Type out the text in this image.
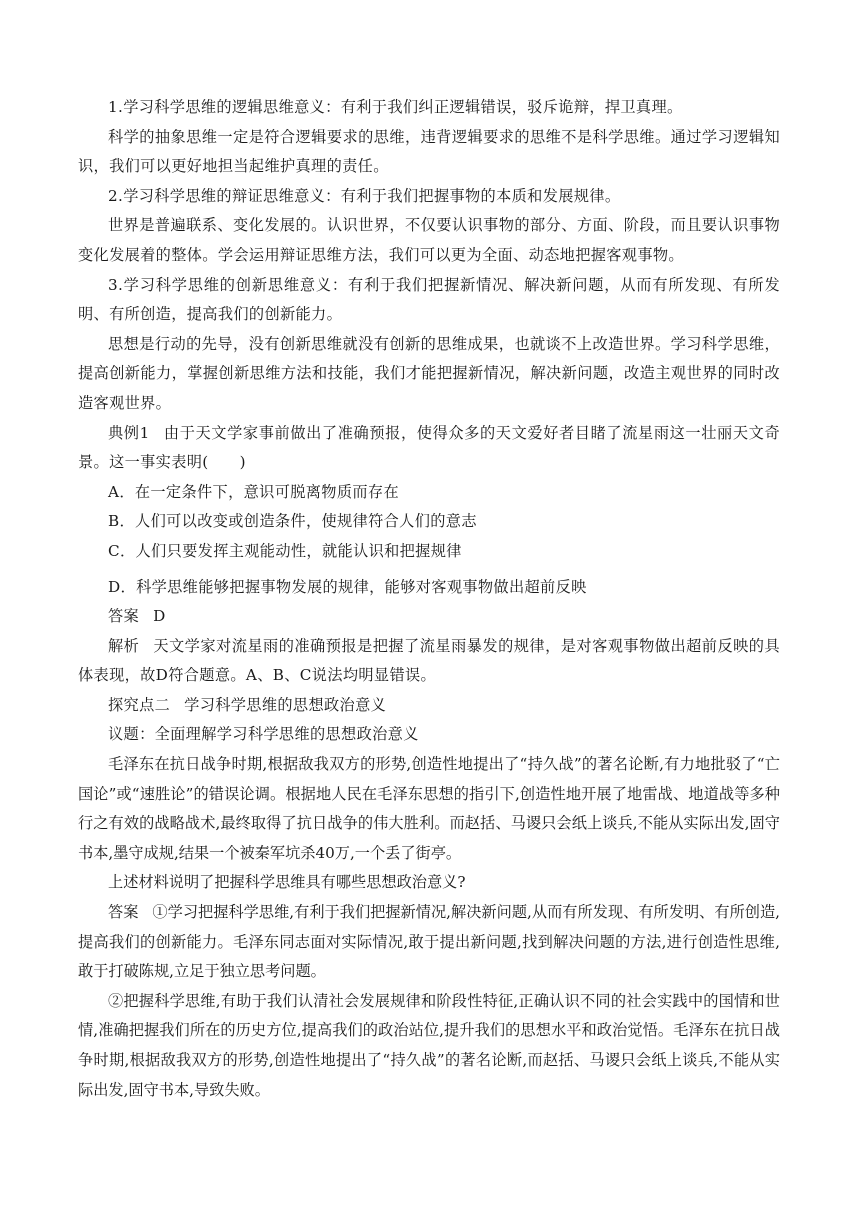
1.学习科学思维的逻辑思维意义：有利于我们纠正逻辑错误，驳斥诡辩，捍卫真理。

科学的抽象思维一定是符合逻辑要求的思维，违背逻辑要求的思维不是科学思维。通过学习逻辑知识，我们可以更好地担当起维护真理的责任。

2.学习科学思维的辩证思维意义：有利于我们把握事物的本质和发展规律。

世界是普遍联系、变化发展的。认识世界，不仅要认识事物的部分、方面、阶段，而且要认识事物变化发展着的整体。学会运用辩证思维方法，我们可以更为全面、动态地把握客观事物。

3.学习科学思维的创新思维意义：有利于我们把握新情况、解决新问题，从而有所发现、有所发明、有所创造，提高我们的创新能力。

思想是行动的先导，没有创新思维就没有创新的思维成果，也就谈不上改造世界。学习科学思维，提高创新能力，掌握创新思维方法和技能，我们才能把握新情况，解决新问题，改造主观世界的同时改造客观世界。

典例1 由于天文学家事前做出了准确预报，使得众多的天文爱好者目睹了流星雨这一壮丽天文奇景。这一事实表明(　　)

A．在一定条件下，意识可脱离物质而存在

B．人们可以改变或创造条件，使规律符合人们的意志

C．人们只要发挥主观能动性，就能认识和把握规律

D．科学思维能够把握事物发展的规律，能够对客观事物做出超前反映

答案 D

解析 天文学家对流星雨的准确预报是把握了流星雨暴发的规律，是对客观事物做出超前反映的具体表现，故D符合题意。A、B、C说法均明显错误。

探究点二 学习科学思维的思想政治意义

议题：全面理解学习科学思维的思想政治意义

毛泽东在抗日战争时期,根据敌我双方的形势,创造性地提出了“持久战”的著名论断,有力地批驳了“亡国论”或“速胜论”的错误论调。根据地人民在毛泽东思想的指引下,创造性地开展了地雷战、地道战等多种行之有效的战略战术,最终取得了抗日战争的伟大胜利。而赵括、马谡只会纸上谈兵,不能从实际出发,固守书本,墨守成规,结果一个被秦军坑杀40万,一个丢了街亭。

上述材料说明了把握科学思维具有哪些思想政治意义?

答案 ①学习把握科学思维,有利于我们把握新情况,解决新问题,从而有所发现、有所发明、有所创造,提高我们的创新能力。毛泽东同志面对实际情况,敢于提出新问题,找到解决问题的方法,进行创造性思维,敢于打破陈规,立足于独立思考问题。

②把握科学思维,有助于我们认清社会发展规律和阶段性特征,正确认识不同的社会实践中的国情和世情,准确把握我们所在的历史方位,提高我们的政治站位,提升我们的思想水平和政治觉悟。毛泽东在抗日战争时期,根据敌我双方的形势,创造性地提出了“持久战”的著名论断,而赵括、马谡只会纸上谈兵,不能从实际出发,固守书本,导致失败。
